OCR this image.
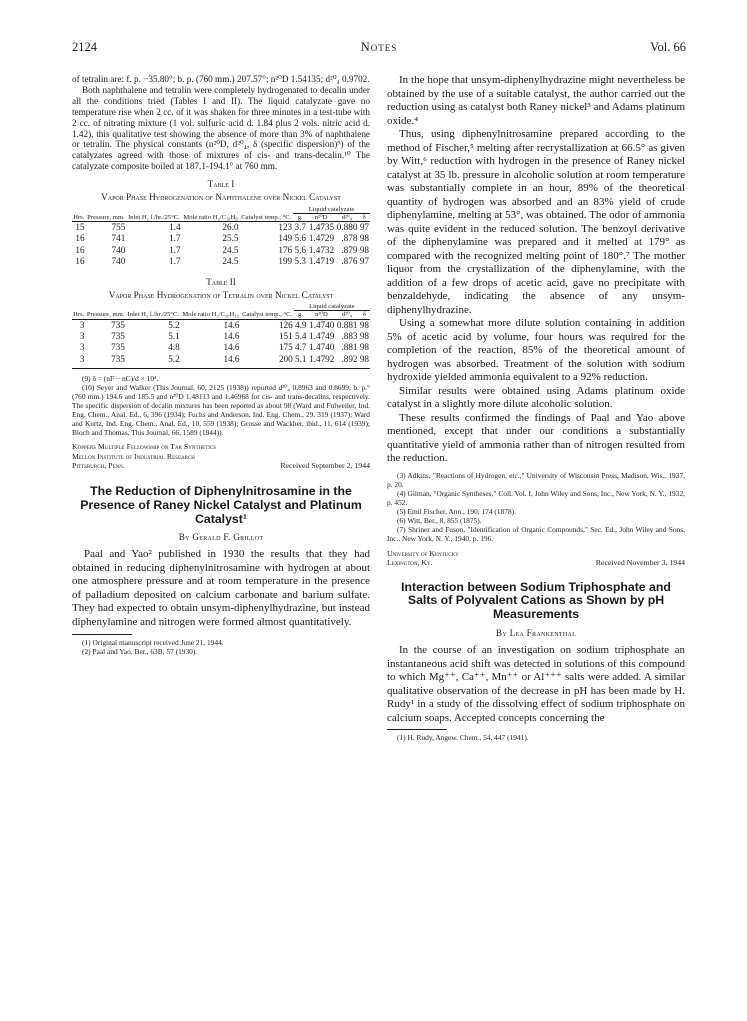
2124	Notes	Vol. 66

of tetralin are: f. p. −35.80°; b. p. (760 mm.) 207.57°; n²⁰D 1.54135; d²⁰₄ 0.9702.

Both naphthalene and tetralin were completely hydrogenated to decalin under all the conditions tried (Tables I and II). The liquid catalyzate gave no temperature rise when 2 cc. of it was shaken for three minutes in a test-tube with 2 cc. of nitrating mixture (1 vol. sulfuric acid d. 1.84 plus 2 vols. nitric acid d. 1.42), this qualitative test showing the absence of more than 3% of naphthalene or tetralin. The physical constants (n²⁰D, d²⁰₄, δ (specific dispersion)⁹) of the catalyzates agreed with those of mixtures of cis- and trans-decalin.¹⁰ The catalyzate composite boiled at 187.1-194.1° at 760 mm.

Table I

Vapor Phase Hydrogenation of Naphthalene over Nickel Catalyst

Hrs.	Pressure, mm.	Inlet H₂ l./hr./25°C.	Mole ratio H₂/C₁₀H₈	Catalyst temp., °C.	Liquid catalyzate			
					g.	n²⁰D	d²⁰₄	δ
15	755	1.4	26.0	123	3.7	1.4735	0.880	97
16	741	1.7	25.5	149	5.6	1.4729	.878	98
16	740	1.7	24.5	176	5.6	1.4732	.879	98
16	740	1.7	24.5	199	5.3	1.4719	.876	97

Table II

Vapor Phase Hydrogenation of Tetralin over Nickel Catalyst

Hrs.	Pressure, mm.	Inlet H₂ l./hr./25°C.	Mole ratio H₂/C₁₀H₁₂	Catalyst temp., °C.	Liquid catalyzate			
					g.	n²⁰D	d²⁰₄	δ
3	735	5.2	14.6	126	4.9	1.4740	0.881	98
3	735	5.1	14.6	151	5.4	1.4749	.883	98
3	735	4.8	14.6	175	4.7	1.4740	.881	98
3	735	5.2	14.6	200	5.1	1.4792	.892	98

(9) δ = (nF − nC)/d × 10⁴.

(10) Seyer and Walker (This Journal, 60, 2125 (1938)) reported d²⁰₄ 0.8963 and 0.8699, b. p.° (760 mm.) 194.6 and 185.5 and n²⁰D 1.48113 and 1.46968 for cis- and trans-decalins, respectively. The specific dispersion of decalin mixtures has been reported as about 98 (Ward and Fulweiler, Ind. Eng. Chem., Anal. Ed., 6, 396 (1934); Fuchs and Anderson, Ind. Eng. Chem., 29, 319 (1937); Ward and Kurtz, Ind. Eng. Chem., Anal. Ed., 10, 559 (1938); Grosse and Wackher, ibid., 11, 614 (1939); Bloch and Thomas, This Journal, 66, 1589 (1944)).

Koppers Multiple Fellowship on Tar Synthetics

Mellon Institute of Industrial Research

Pittsburgh, Penn.	Received September 2, 1944

The Reduction of Diphenylnitrosamine in the Presence of Raney Nickel Catalyst and Platinum Catalyst¹

By Gerald F. Grillot

Paal and Yao² published in 1930 the results that they had obtained in reducing diphenylnitrosamine with hydrogen at about one atmosphere pressure and at room temperature in the presence of palladium deposited on calcium carbonate and barium sulfate. They had expected to obtain unsym-diphenylhydrazine, but instead diphenylamine and nitrogen were formed almost quantitatively.

(1) Original manuscript received June 21, 1944.

(2) Paal and Yao, Ber., 63B, 57 (1930).

In the hope that unsym-diphenylhydrazine might nevertheless be obtained by the use of a suitable catalyst, the author carried out the reduction using as catalyst both Raney nickel³ and Adams platinum oxide.⁴

Thus, using diphenylnitrosamine prepared according to the method of Fischer,⁵ melting after recrystallization at 66.5° as given by Witt,⁶ reduction with hydrogen in the presence of Raney nickel catalyst at 35 lb. pressure in alcoholic solution at room temperature was substantially complete in an hour, 89% of the theoretical quantity of hydrogen was absorbed and an 83% yield of crude diphenylamine, melting at 53°, was obtained. The odor of ammonia was quite evident in the reduced solution. The benzoyl derivative of the diphenylamine was prepared and it melted at 179° as compared with the recognized melting point of 180°.⁷ The mother liquor from the crystallization of the diphenylamine, with the addition of a few drops of acetic acid, gave no precipitate with benzaldehyde, indicating the absence of any unsym-diphenylhydrazine.

Using a somewhat more dilute solution containing in addition 5% of acetic acid by volume, four hours was required for the completion of the reaction, 85% of the theoretical amount of hydrogen was absorbed. Treatment of the solution with sodium hydroxide yielded ammonia equivalent to a 92% reduction.

Similar results were obtained using Adams platinum oxide catalyst in a slightly more dilute alcoholic solution.

These results confirmed the findings of Paal and Yao above mentioned, except that under our conditions a substantially quantitative yield of ammonia rather than of nitrogen resulted from the reduction.

(3) Adkins, "Reactions of Hydrogen, etc.," University of Wisconsin Press, Madison, Wis., 1937, p. 20.

(4) Gilman, "Organic Syntheses," Coll. Vol. I, John Wiley and Sons, Inc., New York, N. Y., 1932, p. 452.

(5) Emil Fischer, Ann., 190, 174 (1878).

(6) Witt, Ber., 8, 855 (1875).

(7) Shriner and Fuson, "Identification of Organic Compounds," Sec. Ed., John Wiley and Sons, Inc., New York, N. Y., 1940, p. 196.

University of Kentucky

Lexington, Ky.	Received November 3, 1944

Interaction between Sodium Triphosphate and Salts of Polyvalent Cations as Shown by pH Measurements

By Lea Frankenthal

In the course of an investigation on sodium triphosphate an instantaneous acid shift was detected in solutions of this compound to which Mg⁺⁺, Ca⁺⁺, Mn⁺⁺ or Al⁺⁺⁺ salts were added. A similar qualitative observation of the decrease in pH has been made by H. Rudy¹ in a study of the dissolving effect of sodium triphosphate on calcium soaps. Accepted concepts concerning the

(1) H. Rudy, Angew. Chem., 54, 447 (1941).
